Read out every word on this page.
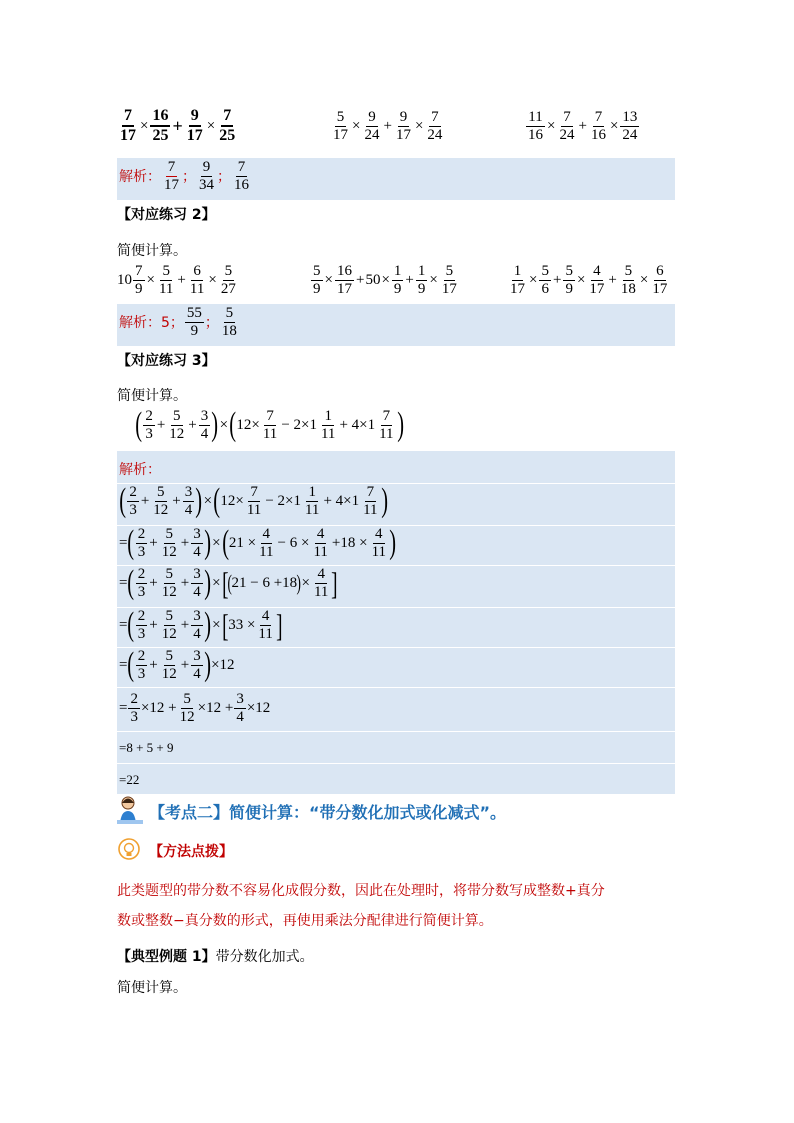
$\frac{7}{17} \times \frac{16}{25} + \frac{9}{17} \times \frac{7}{25}$	$\frac{5}{17} \times \frac{9}{24} + \frac{9}{17} \times \frac{7}{24}$	$\frac{11}{16} \times \frac{7}{24} + \frac{7}{16} \times \frac{13}{24}$
解析： $\frac{7}{17}$ ； $\frac{9}{34}$ ； $\frac{7}{16}$
【对应练习 2】
简便计算。
$10 \frac{7}{9} \times \frac{5}{11} + \frac{6}{11} \times \frac{5}{27}$	$\frac{5}{9} \times \frac{16}{17} + 50 \times \frac{1}{9} + \frac{1}{9} \times \frac{5}{17}$	$\frac{1}{17} \times \frac{5}{6} + \frac{5}{9} \times \frac{4}{17} + \frac{5}{18} \times \frac{6}{17}$
解析：5； $\frac{55}{9}$ ； $\frac{5}{18}$
【对应练习 3】
简便计算。
( $\frac{2}{3} + \frac{5}{12} + \frac{3}{4}$ ) × ( $12\times \frac{7}{11} - 2\times 1 \frac{1}{11} + 4\times 1 \frac{7}{11}$ )
解析：
( $\frac{2}{3} + \frac{5}{12} + \frac{3}{4}$ ) × ( $12\times \frac{7}{11} - 2\times 1 \frac{1}{11} + 4\times 1 \frac{7}{11}$ )
= ( $\frac{2}{3} + \frac{5}{12} + \frac{3}{4}$ ) × ( $21 \times \frac{4}{11} - 6 \times \frac{4}{11} +18 \times \frac{4}{11}$ )
= ( $\frac{2}{3} + \frac{5}{12} + \frac{3}{4}$ ) × [ ( 21 − 6 +18 ) × $\frac{4}{11}$ ]
= ( $\frac{2}{3} + \frac{5}{12} + \frac{3}{4}$ ) × [ $33 \times \frac{4}{11}$ ]
= ( $\frac{2}{3} + \frac{5}{12} + \frac{3}{4}$ ) ×12
= $\frac{2}{3} \times 12 + \frac{5}{12} \times 12 + \frac{3}{4} \times 12$
=8 + 5 + 9
=22
【考点二】简便计算：“带分数化加式或化减式”。
【方法点拨】
此类题型的带分数不容易化成假分数，因此在处理时，将带分数写成整数+真分
数或整数−真分数的形式，再使用乘法分配律进行简便计算。
【典型例题 1】带分数化加式。
简便计算。
